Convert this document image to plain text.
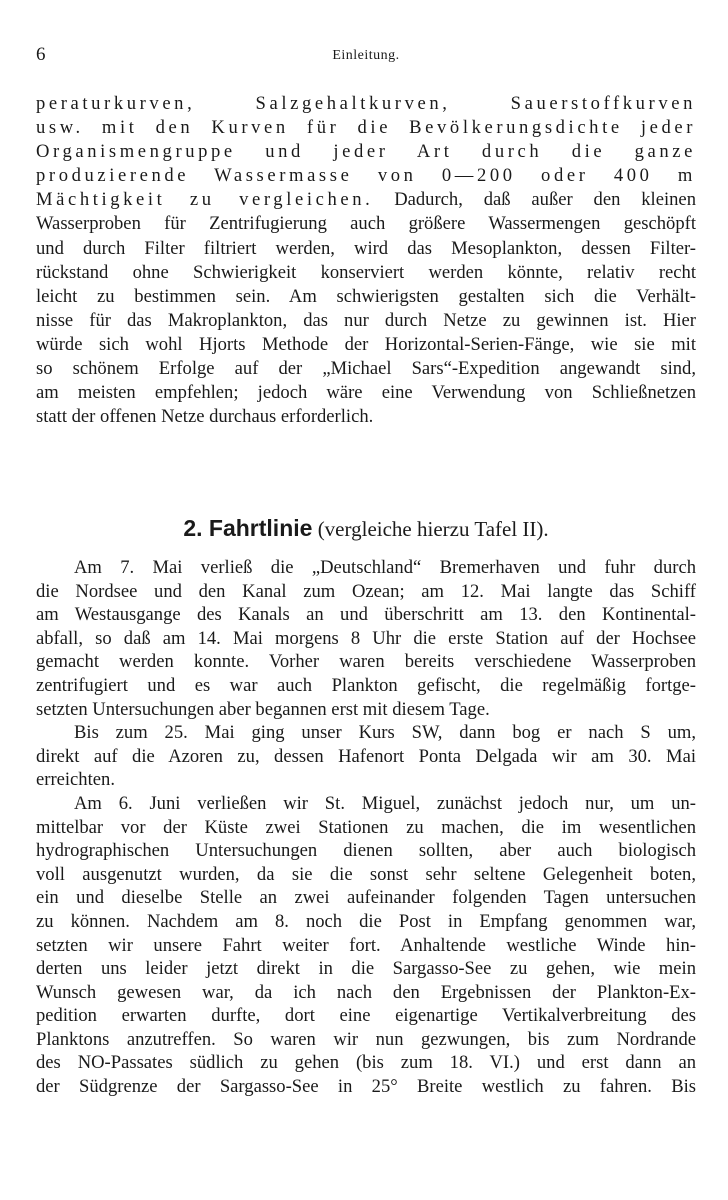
6	Einleitung.
peraturkurven, Salzgehaltkurven, Sauerstoffkurven
usw. mit den Kurven für die Bevölkerungsdichte jeder
Organismengruppe und jeder Art durch die ganze
produzierende Wassermasse von 0—200 oder 400 m
Mächtigkeit zu vergleichen. Dadurch, daß außer den kleinen
Wasserproben für Zentrifugierung auch größere Wassermengen geschöpft
und durch Filter filtriert werden, wird das Mesoplankton, dessen Filter-
rückstand ohne Schwierigkeit konserviert werden könnte, relativ recht
leicht zu bestimmen sein. Am schwierigsten gestalten sich die Verhält-
nisse für das Makroplankton, das nur durch Netze zu gewinnen ist. Hier
würde sich wohl Hjorts Methode der Horizontal-Serien-Fänge, wie sie mit
so schönem Erfolge auf der „Michael Sars“-Expedition angewandt sind,
am meisten empfehlen; jedoch wäre eine Verwendung von Schließnetzen
statt der offenen Netze durchaus erforderlich.
2. Fahrtlinie (vergleiche hierzu Tafel II).
Am 7. Mai verließ die „Deutschland“ Bremerhaven und fuhr durch
die Nordsee und den Kanal zum Ozean; am 12. Mai langte das Schiff
am Westausgange des Kanals an und überschritt am 13. den Kontinental-
abfall, so daß am 14. Mai morgens 8 Uhr die erste Station auf der Hochsee
gemacht werden konnte. Vorher waren bereits verschiedene Wasserproben
zentrifugiert und es war auch Plankton gefischt, die regelmäßig fortge-
setzten Untersuchungen aber begannen erst mit diesem Tage.
Bis zum 25. Mai ging unser Kurs SW, dann bog er nach S um,
direkt auf die Azoren zu, dessen Hafenort Ponta Delgada wir am 30. Mai
erreichten.
Am 6. Juni verließen wir St. Miguel, zunächst jedoch nur, um un-
mittelbar vor der Küste zwei Stationen zu machen, die im wesentlichen
hydrographischen Untersuchungen dienen sollten, aber auch biologisch
voll ausgenutzt wurden, da sie die sonst sehr seltene Gelegenheit boten,
ein und dieselbe Stelle an zwei aufeinander folgenden Tagen untersuchen
zu können. Nachdem am 8. noch die Post in Empfang genommen war,
setzten wir unsere Fahrt weiter fort. Anhaltende westliche Winde hin-
derten uns leider jetzt direkt in die Sargasso-See zu gehen, wie mein
Wunsch gewesen war, da ich nach den Ergebnissen der Plankton-Ex-
pedition erwarten durfte, dort eine eigenartige Vertikalverbreitung des
Planktons anzutreffen. So waren wir nun gezwungen, bis zum Nordrande
des NO-Passates südlich zu gehen (bis zum 18. VI.) und erst dann an
der Südgrenze der Sargasso-See in 25° Breite westlich zu fahren. Bis
